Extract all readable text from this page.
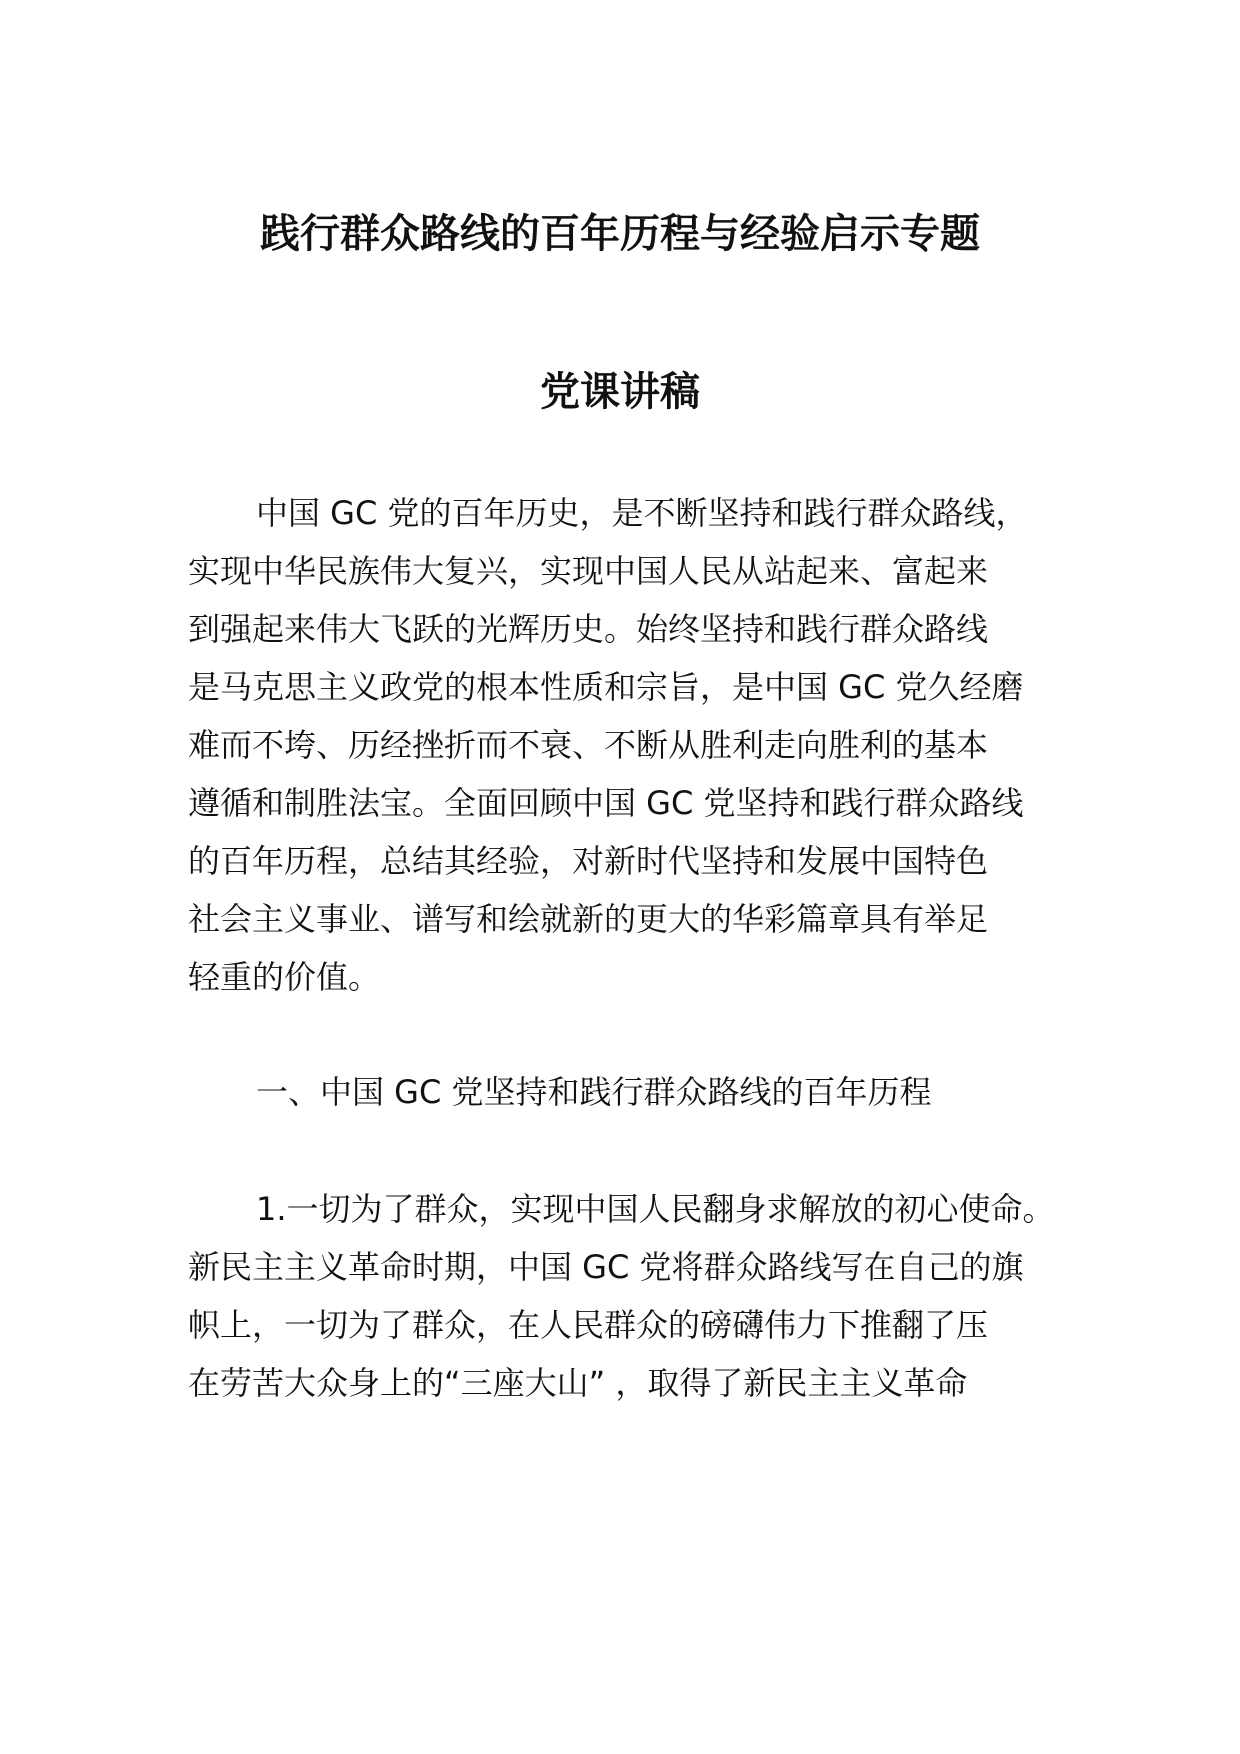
践行群众路线的百年历程与经验启示专题
党课讲稿

中国 GC 党的百年历史，是不断坚持和践行群众路线，

实现中华民族伟大复兴，实现中国人民从站起来、富起来

到强起来伟大飞跃的光辉历史。始终坚持和践行群众路线

是马克思主义政党的根本性质和宗旨，是中国 GC 党久经磨

难而不垮、历经挫折而不衰、不断从胜利走向胜利的基本

遵循和制胜法宝。全面回顾中国 GC 党坚持和践行群众路线

的百年历程，总结其经验，对新时代坚持和发展中国特色

社会主义事业、谱写和绘就新的更大的华彩篇章具有举足

轻重的价值。

一、中国 GC 党坚持和践行群众路线的百年历程

1.一切为了群众，实现中国人民翻身求解放的初心使命。

新民主主义革命时期，中国 GC 党将群众路线写在自己的旗

帜上，一切为了群众，在人民群众的磅礴伟力下推翻了压

在劳苦大众身上的“三座大山” ，取得了新民主主义革命
